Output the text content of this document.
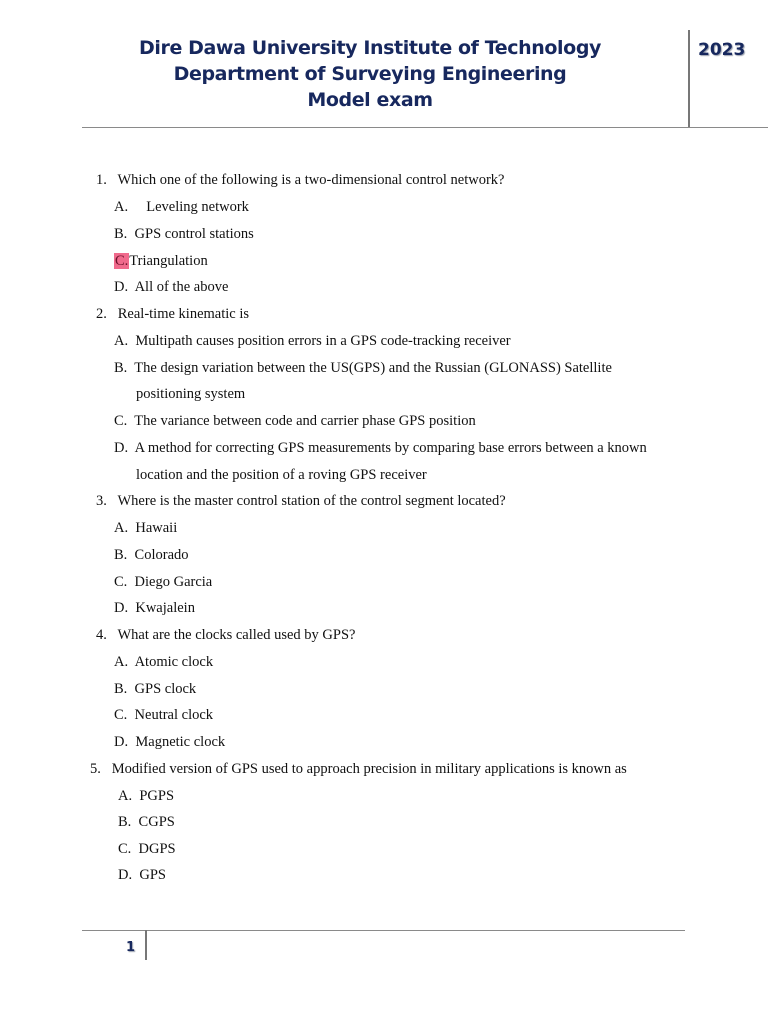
Dire Dawa University Institute of Technology
Department of Surveying Engineering
Model exam
2023
1. Which one of the following is a two-dimensional control network?
A. Leveling network
B. GPS control stations
C.Triangulation
D. All of the above
2. Real-time kinematic is
A. Multipath causes position errors in a GPS code-tracking receiver
B. The design variation between the US(GPS) and the Russian (GLONASS) Satellite
positioning system
C. The variance between code and carrier phase GPS position
D. A method for correcting GPS measurements by comparing base errors between a known
location and the position of a roving GPS receiver
3. Where is the master control station of the control segment located?
A. Hawaii
B. Colorado
C. Diego Garcia
D. Kwajalein
4. What are the clocks called used by GPS?
A. Atomic clock
B. GPS clock
C. Neutral clock
D. Magnetic clock
5. Modified version of GPS used to approach precision in military applications is known as
A. PGPS
B. CGPS
C. DGPS
D. GPS
1
